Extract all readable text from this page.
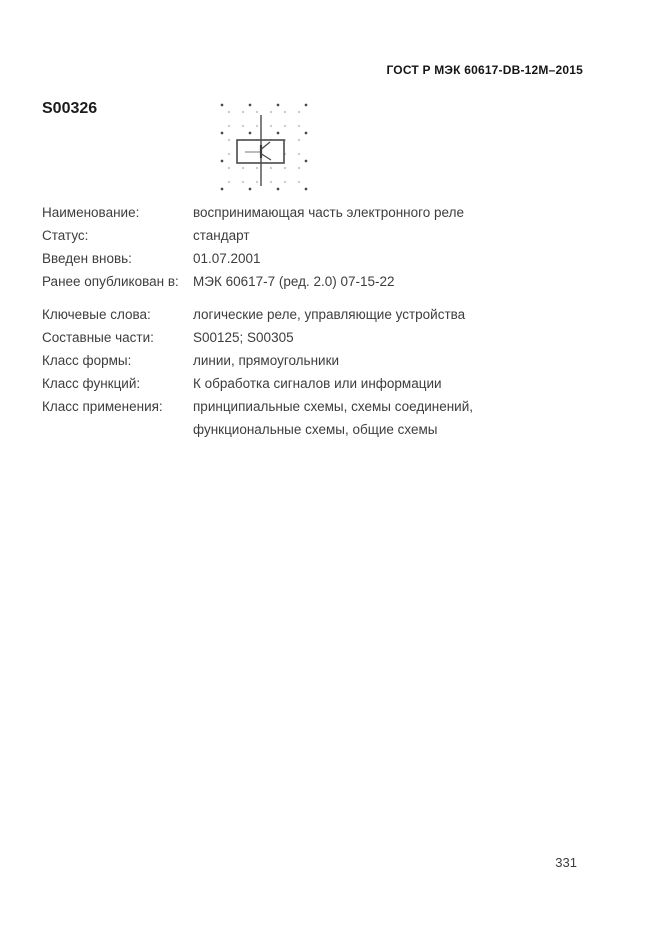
ГОСТ Р МЭК 60617-DB-12M–2015
S00326
Наименование:	воспринимающая часть электронного реле
Статус:	стандарт
Введен вновь:	01.07.2001
Ранее опубликован в:	МЭК 60617-7 (ред. 2.0) 07-15-22
Ключевые слова:	логические реле, управляющие устройства
Составные части:	S00125; S00305
Класс формы:	линии, прямоугольники
Класс функций:	К обработка сигналов или информации
Класс применения:	принципиальные схемы, схемы соединений,
функциональные схемы, общие схемы
331
